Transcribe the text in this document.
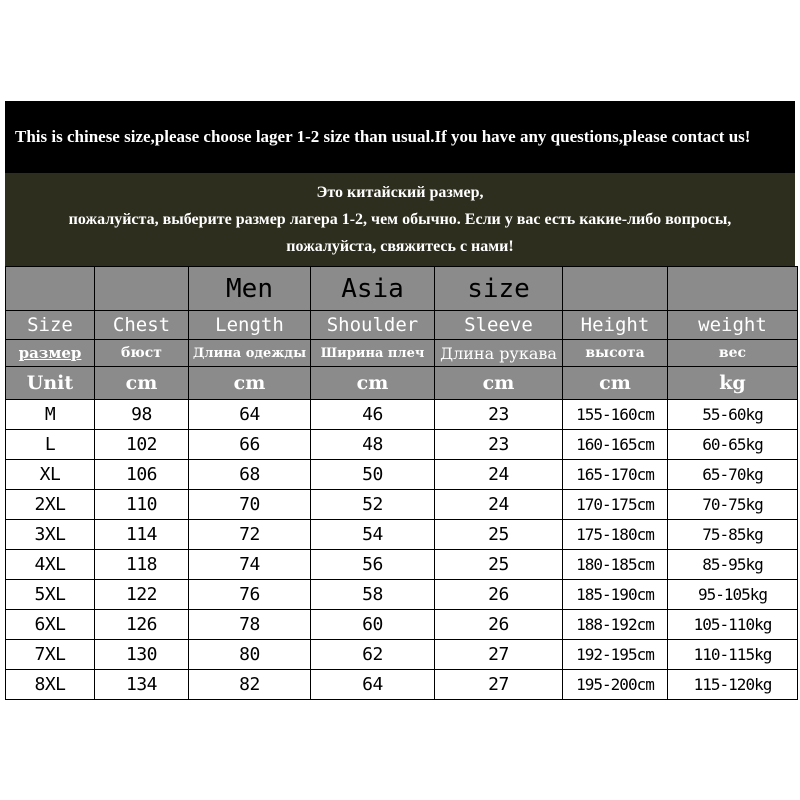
This is chinese size,please choose lager 1-2 size than usual.If you have any questions,please contact us!
Это китайский размер,
пожалуйста, выберите размер лагера 1-2, чем обычно. Если у вас есть какие-либо вопросы,
пожалуйста, свяжитесь с нами!
		Men	Asia	size		
Size	Chest	Length	Shoulder	Sleeve	Height	weight
размер	бюст	Длина одежды	Ширина плеч	Длина рукава	высота	вес
Unit	cm	cm	cm	cm	cm	kg
M	98	64	46	23	155-160cm	55-60kg
L	102	66	48	23	160-165cm	60-65kg
XL	106	68	50	24	165-170cm	65-70kg
2XL	110	70	52	24	170-175cm	70-75kg
3XL	114	72	54	25	175-180cm	75-85kg
4XL	118	74	56	25	180-185cm	85-95kg
5XL	122	76	58	26	185-190cm	95-105kg
6XL	126	78	60	26	188-192cm	105-110kg
7XL	130	80	62	27	192-195cm	110-115kg
8XL	134	82	64	27	195-200cm	115-120kg
